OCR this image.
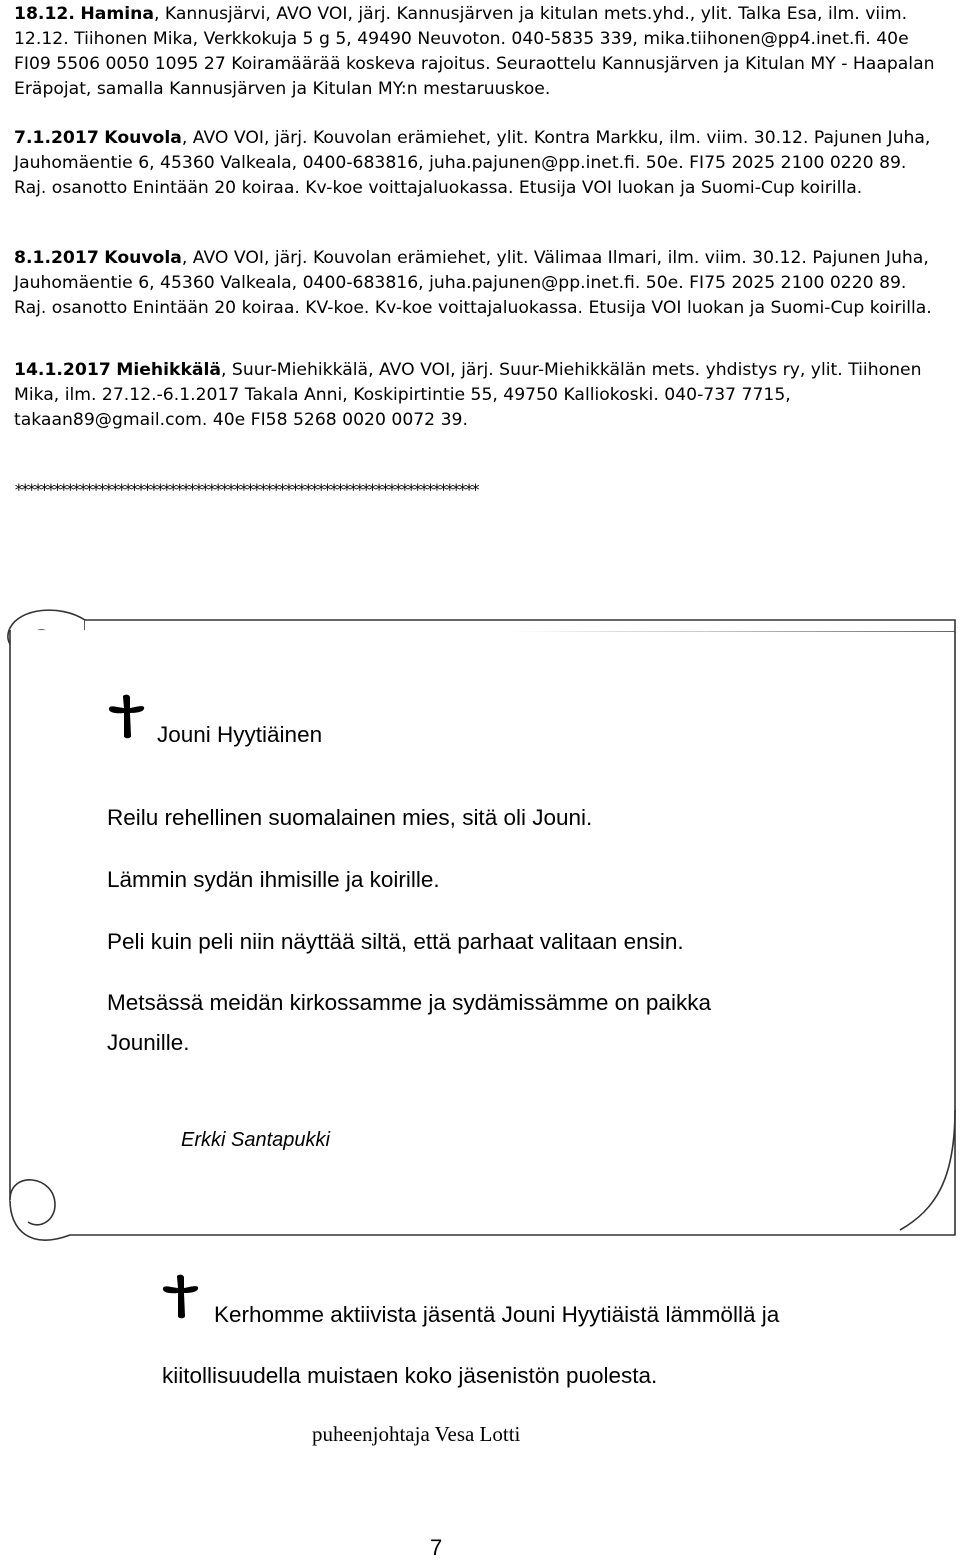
18.12. Hamina, Kannusjärvi, AVO VOI, järj. Kannusjärven ja kitulan mets.yhd., ylit. Talka Esa, ilm. viim. 12.12. Tiihonen Mika, Verkkokuja 5 g 5, 49490 Neuvoton. 040-5835 339, mika.tiihonen@pp4.inet.fi. 40e FI09 5506 0050 1095 27 Koiramäärää koskeva rajoitus. Seuraottelu Kannusjärven ja Kitulan MY - Haapalan Eräpojat, samalla Kannusjärven ja Kitulan MY:n mestaruuskoe.

7.1.2017 Kouvola, AVO VOI, järj. Kouvolan erämiehet, ylit. Kontra Markku, ilm. viim. 30.12. Pajunen Juha, Jauhomäentie 6, 45360 Valkeala, 0400-683816, juha.pajunen@pp.inet.fi. 50e. FI75 2025 2100 0220 89. Raj. osanotto Enintään 20 koiraa. Kv-koe voittajaluokassa. Etusija VOI luokan ja Suomi-Cup koirilla.

8.1.2017 Kouvola, AVO VOI, järj. Kouvolan erämiehet, ylit. Välimaa Ilmari, ilm. viim. 30.12. Pajunen Juha, Jauhomäentie 6, 45360 Valkeala, 0400-683816, juha.pajunen@pp.inet.fi. 50e. FI75 2025 2100 0220 89. Raj. osanotto Enintään 20 koiraa. KV-koe. Kv-koe voittajaluokassa. Etusija VOI luokan ja Suomi-Cup koirilla.

14.1.2017 Miehikkälä, Suur-Miehikkälä, AVO VOI, järj. Suur-Miehikkälän mets. yhdistys ry, ylit. Tiihonen Mika, ilm. 27.12.-6.1.2017 Takala Anni, Koskipirtintie 55, 49750 Kalliokoski. 040-737 7715, takaan89@gmail.com. 40e FI58 5268 0020 0072 39.

************************************************************************
Jouni Hyytiäinen
Reilu rehellinen suomalainen mies, sitä oli Jouni.
Lämmin sydän ihmisille ja koirille.
Peli kuin peli niin näyttää siltä, että parhaat valitaan ensin.
Metsässä meidän kirkossamme ja sydämissämme on paikka
Jounille.
Erkki Santapukki
Kerhomme aktiivista jäsentä Jouni Hyytiäistä lämmöllä ja
kiitollisuudella muistaen koko jäsenistön puolesta.
puheenjohtaja Vesa Lotti
7
